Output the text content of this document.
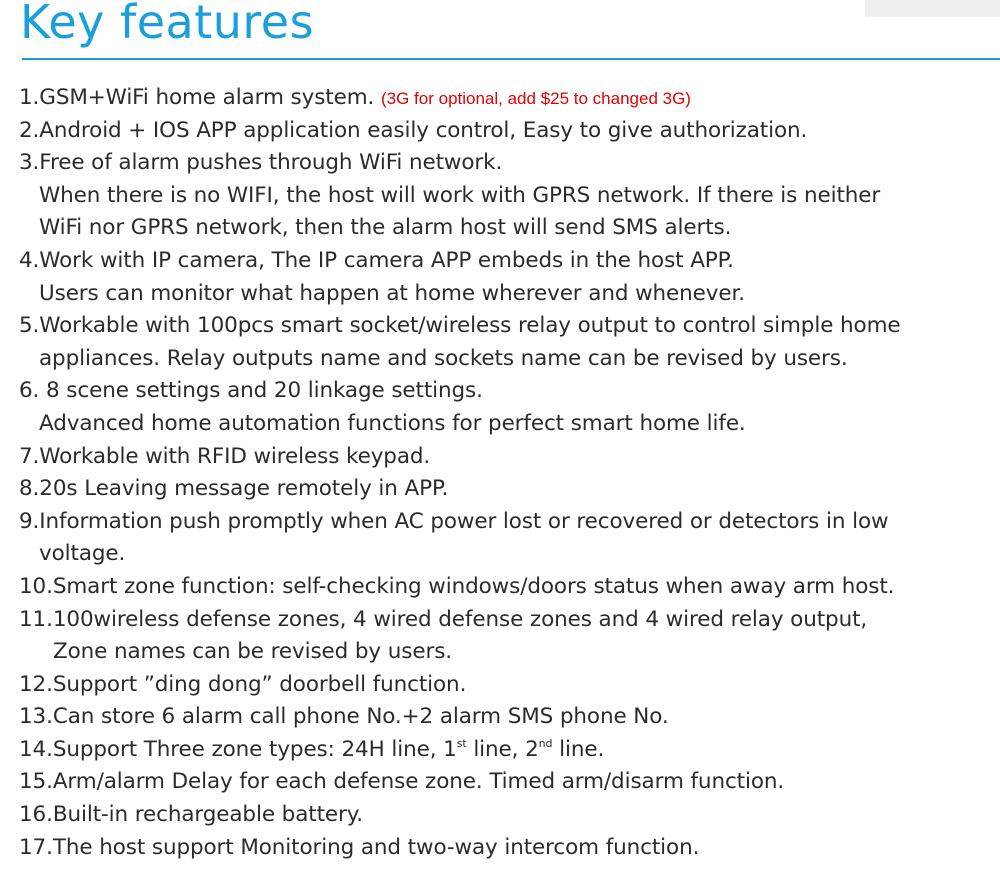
Key features
1.GSM+WiFi home alarm system. (3G for optional, add $25 to changed 3G)
2.Android + IOS APP application easily control, Easy to give authorization.
3.Free of alarm pushes through WiFi network.
When there is no WIFI, the host will work with GPRS network. If there is neither
WiFi nor GPRS network, then the alarm host will send SMS alerts.
4.Work with IP camera, The IP camera APP embeds in the host APP.
Users can monitor what happen at home wherever and whenever.
5.Workable with 100pcs smart socket/wireless relay output to control simple home
appliances. Relay outputs name and sockets name can be revised by users.
6. 8 scene settings and 20 linkage settings.
Advanced home automation functions for perfect smart home life.
7.Workable with RFID wireless keypad.
8.20s Leaving message remotely in APP.
9.Information push promptly when AC power lost or recovered or detectors in low
voltage.
10.Smart zone function: self-checking windows/doors status when away arm host.
11.100wireless defense zones, 4 wired defense zones and 4 wired relay output,
Zone names can be revised by users.
12.Support ”ding dong” doorbell function.
13.Can store 6 alarm call phone No.+2 alarm SMS phone No.
14.Support Three zone types: 24H line, 1st line, 2nd line.
15.Arm/alarm Delay for each defense zone. Timed arm/disarm function.
16.Built-in rechargeable battery.
17.The host support Monitoring and two-way intercom function.
